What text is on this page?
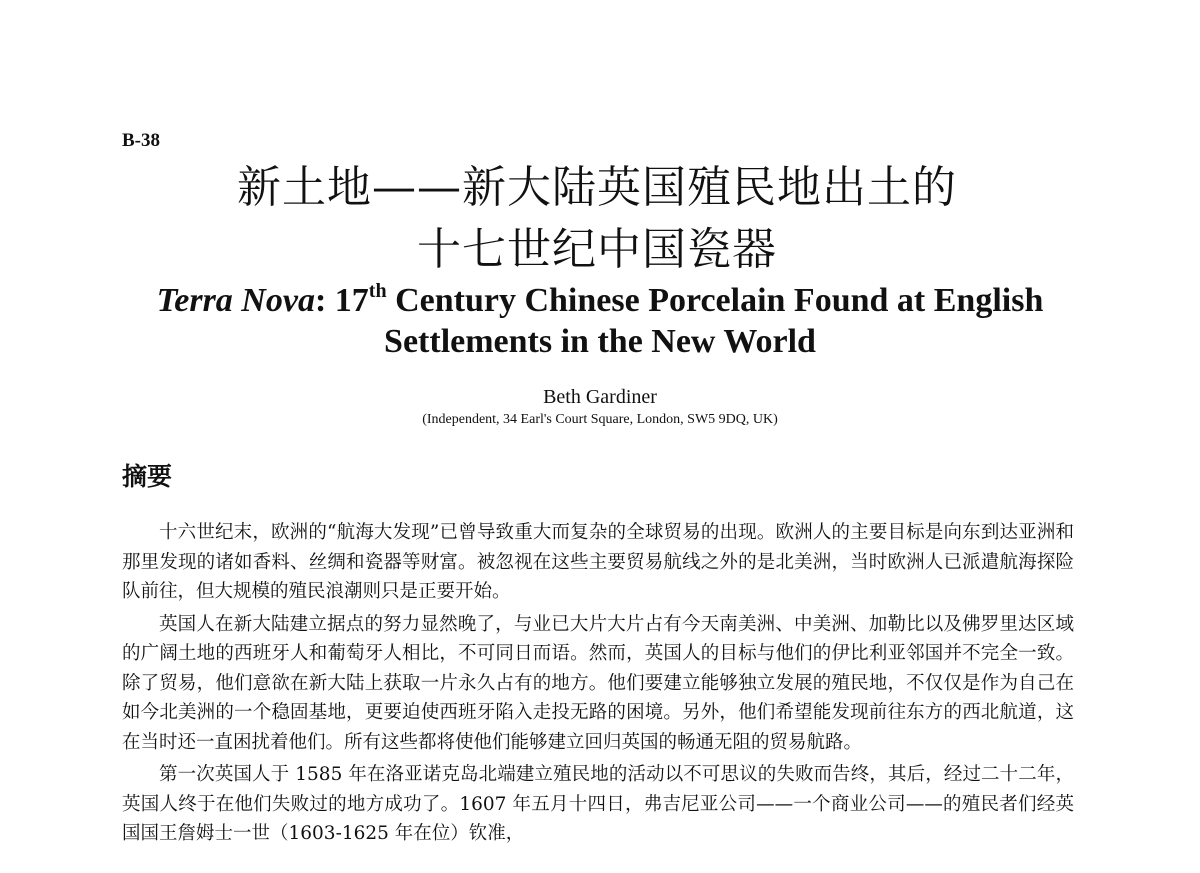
B-38

新土地——新大陆英国殖民地出土的
十七世纪中国瓷器
Terra Nova: 17th Century Chinese Porcelain Found at English
Settlements in the New World

Beth Gardiner

(Independent, 34 Earl's Court Square, London, SW5 9DQ, UK)

摘要

十六世纪末，欧洲的“航海大发现”已曾导致重大而复杂的全球贸易的出现。欧洲人的主要目标是向东到达亚洲和那里发现的诸如香料、丝绸和瓷器等财富。被忽视在这些主要贸易航线之外的是北美洲，当时欧洲人已派遣航海探险队前往，但大规模的殖民浪潮则只是正要开始。

英国人在新大陆建立据点的努力显然晚了，与业已大片大片占有今天南美洲、中美洲、加勒比以及佛罗里达区域的广阔土地的西班牙人和葡萄牙人相比，不可同日而语。然而，英国人的目标与他们的伊比利亚邻国并不完全一致。除了贸易，他们意欲在新大陆上获取一片永久占有的地方。他们要建立能够独立发展的殖民地，不仅仅是作为自己在如今北美洲的一个稳固基地，更要迫使西班牙陷入走投无路的困境。另外，他们希望能发现前往东方的西北航道，这在当时还一直困扰着他们。所有这些都将使他们能够建立回归英国的畅通无阻的贸易航路。

第一次英国人于 1585 年在洛亚诺克岛北端建立殖民地的活动以不可思议的失败而告终，其后，经过二十二年，英国人终于在他们失败过的地方成功了。1607 年五月十四日，弗吉尼亚公司——一个商业公司——的殖民者们经英国国王詹姆士一世（1603-1625 年在位）钦准，
